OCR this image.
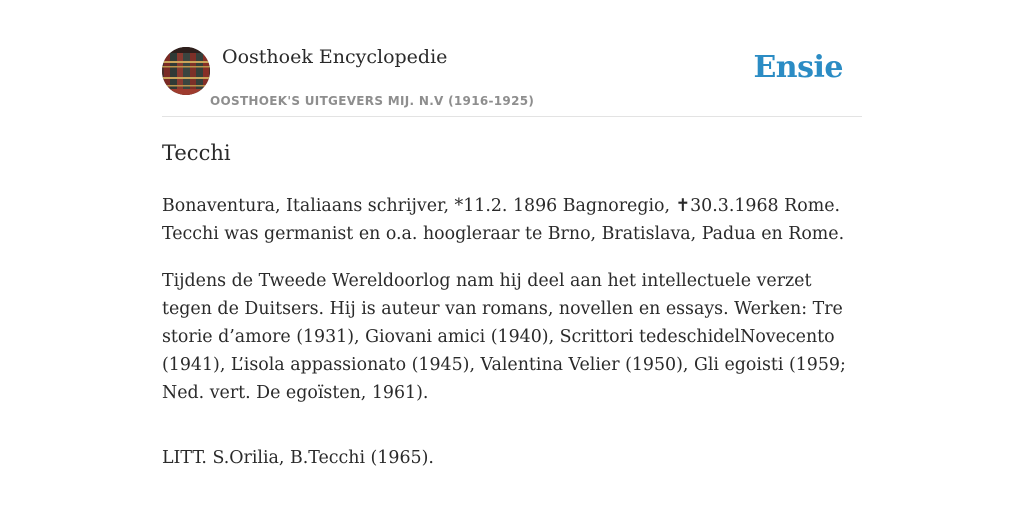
Oosthoek Encyclopedie
OOSTHOEK'S UITGEVERS MIJ. N.V (1916-1925)
Ensie
Tecchi

Bonaventura, Italiaans schrijver, *11.2. 1896 Bagnoregio, ✝30.3.1968 Rome. Tecchi was germanist en o.a. hoogleraar te Brno, Bratislava, Padua en Rome.

Tijdens de Tweede Wereldoorlog nam hij deel aan het intellectuele verzet tegen de Duitsers. Hij is auteur van romans, novellen en essays. Werken: Tre storie d’amore (1931), Giovani amici (1940), Scrittori tedeschidelNovecento (1941), L’isola appassionato (1945), Valentina Velier (1950), Gli egoisti (1959; Ned. vert. De egoïsten, 1961).

LITT. S.Orilia, B.Tecchi (1965).
